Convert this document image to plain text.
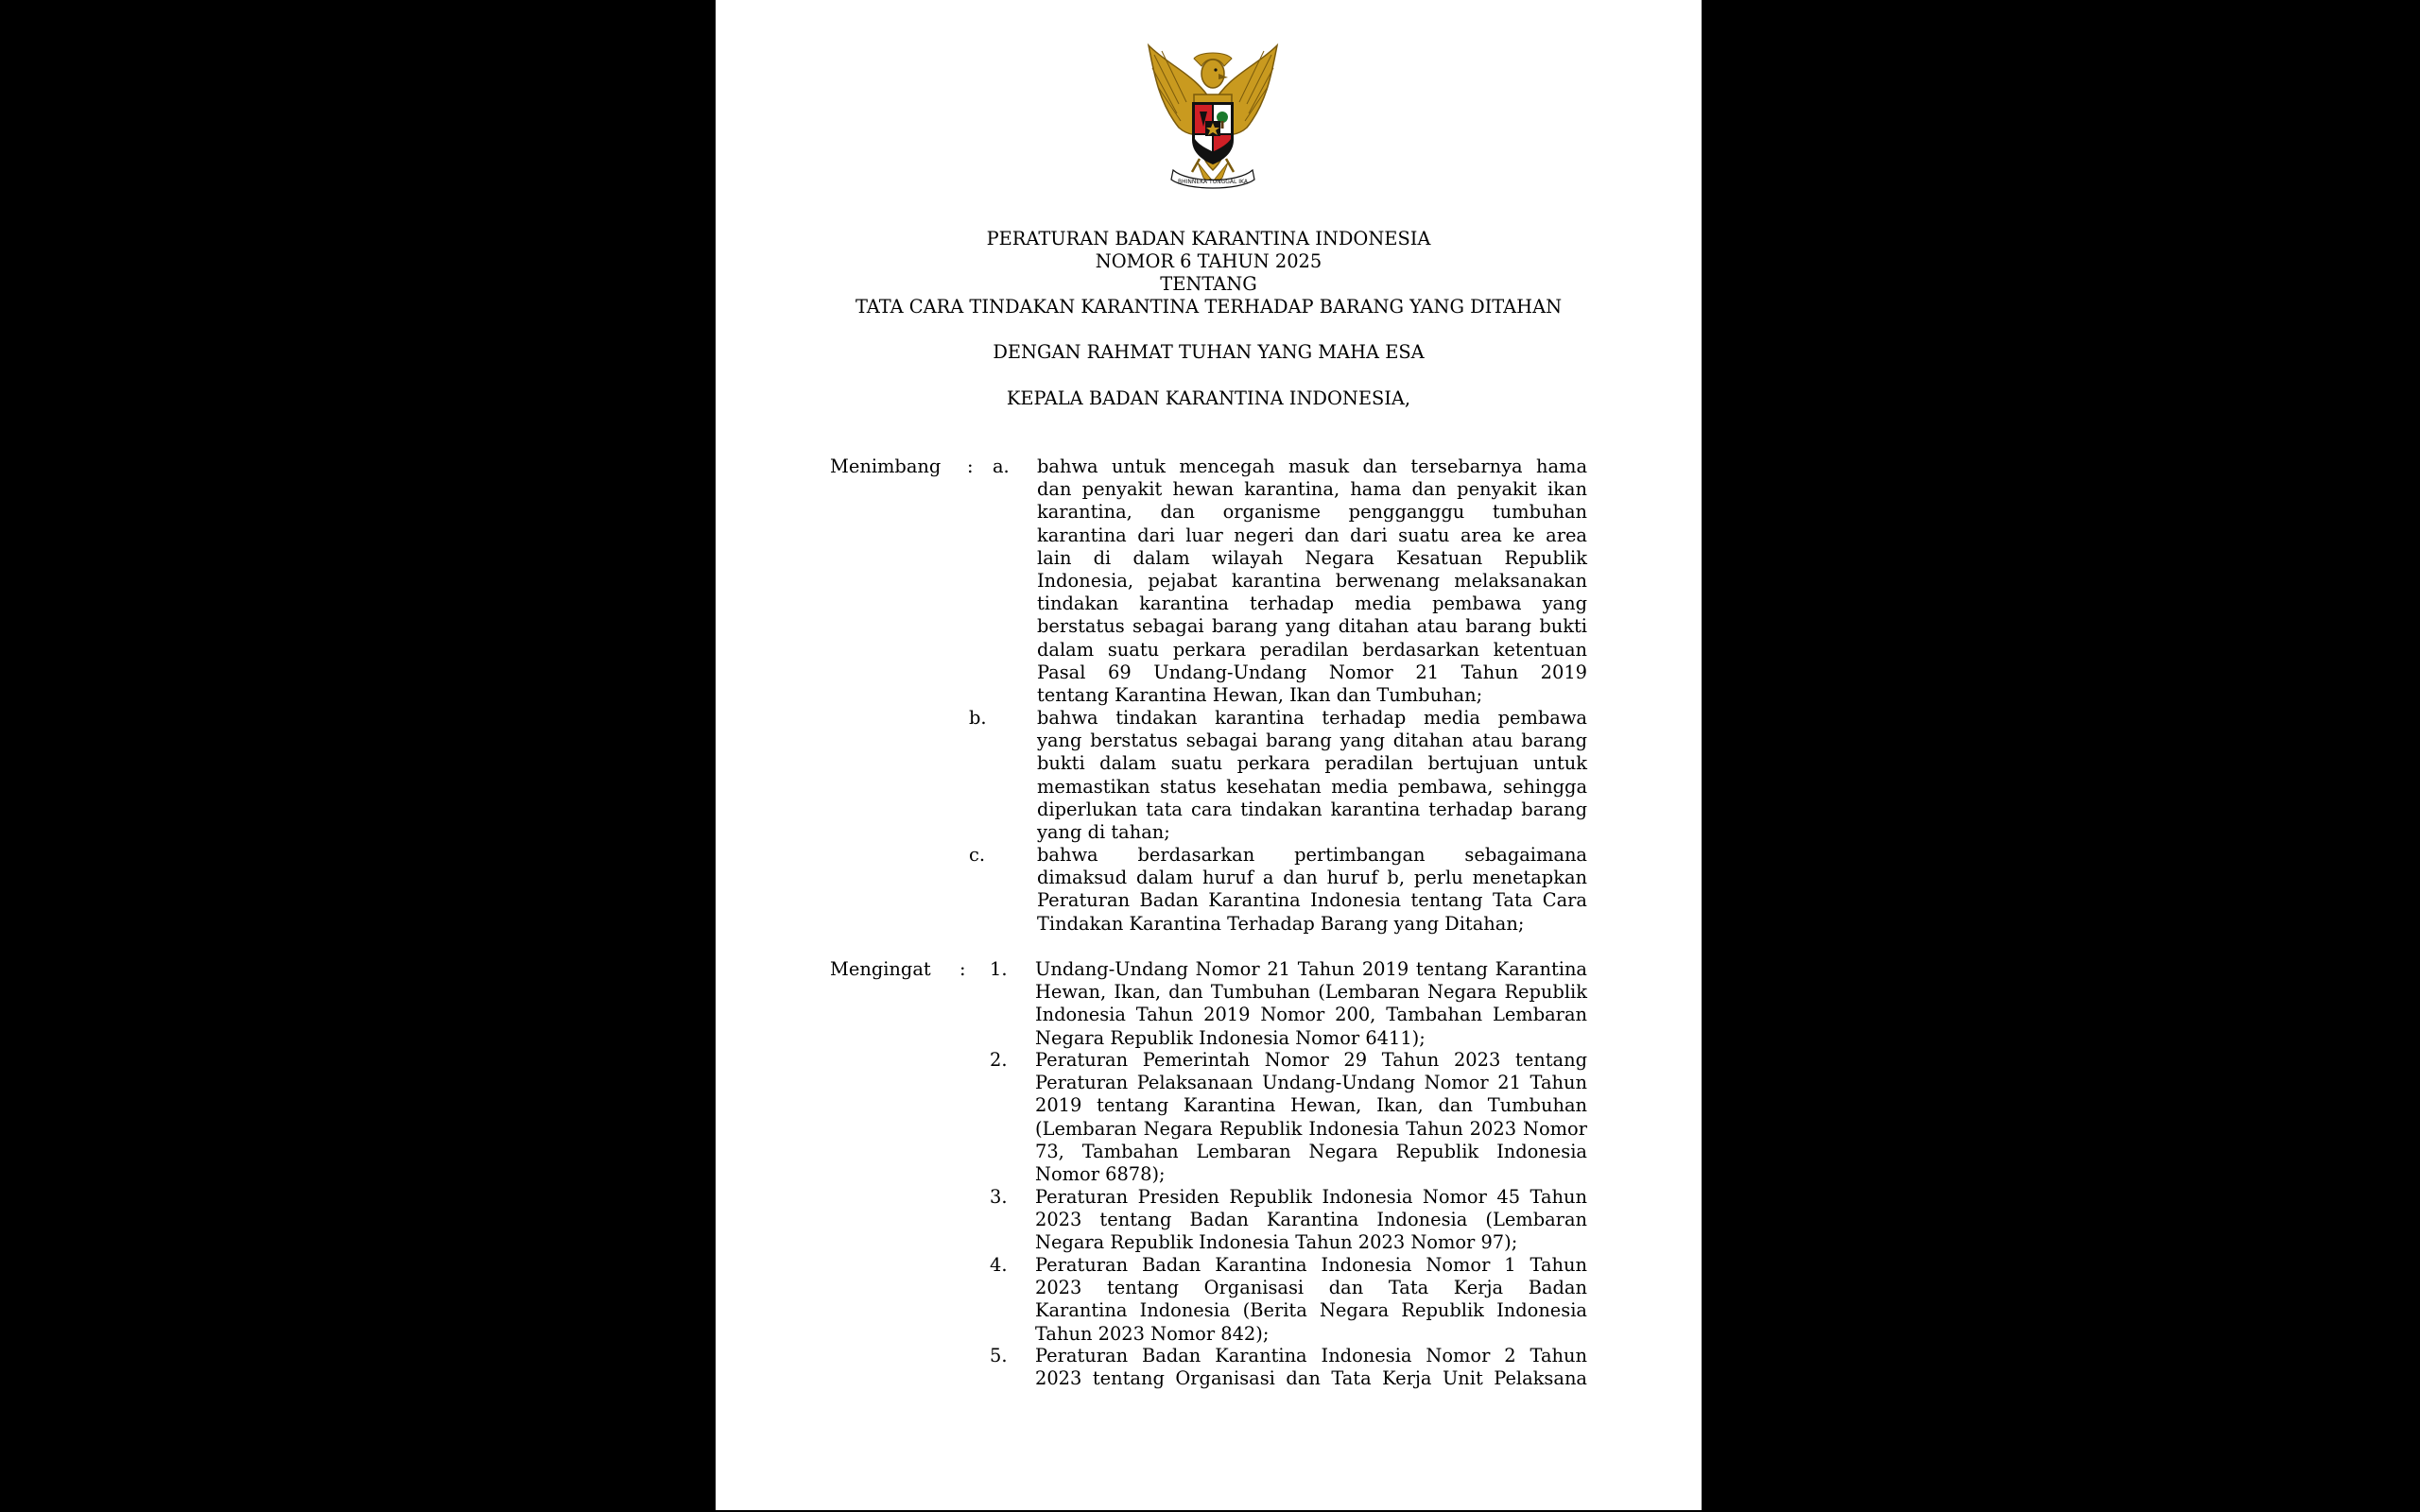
BHINNEKA TUNGGAL IKA
PERATURAN BADAN KARANTINA INDONESIA
NOMOR 6 TAHUN 2025
TENTANG
TATA CARA TINDAKAN KARANTINA TERHADAP BARANG YANG DITAHAN
DENGAN RAHMAT TUHAN YANG MAHA ESA
KEPALA BADAN KARANTINA INDONESIA,
Menimbang : a. bahwa untuk mencegah masuk dan tersebarnya hama
dan penyakit hewan karantina, hama dan penyakit ikan
karantina, dan organisme pengganggu tumbuhan
karantina dari luar negeri dan dari suatu area ke area
lain di dalam wilayah Negara Kesatuan Republik
Indonesia, pejabat karantina berwenang melaksanakan
tindakan karantina terhadap media pembawa yang
berstatus sebagai barang yang ditahan atau barang bukti
dalam suatu perkara peradilan berdasarkan ketentuan
Pasal 69 Undang-Undang Nomor 21 Tahun 2019
tentang Karantina Hewan, Ikan dan Tumbuhan;
b.	bahwa tindakan karantina terhadap media pembawa
yang berstatus sebagai barang yang ditahan atau barang
bukti dalam suatu perkara peradilan bertujuan untuk
memastikan status kesehatan media pembawa, sehingga
diperlukan tata cara tindakan karantina terhadap barang
yang di tahan;
c.	bahwa berdasarkan pertimbangan sebagaimana
dimaksud dalam huruf a dan huruf b, perlu menetapkan
Peraturan Badan Karantina Indonesia tentang Tata Cara
Tindakan Karantina Terhadap Barang yang Ditahan;
Mengingat : 1. Undang-Undang Nomor 21 Tahun 2019 tentang Karantina
Hewan, Ikan, dan Tumbuhan (Lembaran Negara Republik
Indonesia Tahun 2019 Nomor 200, Tambahan Lembaran
Negara Republik Indonesia Nomor 6411);
2. Peraturan Pemerintah Nomor 29 Tahun 2023 tentang
Peraturan Pelaksanaan Undang-Undang Nomor 21 Tahun
2019 tentang Karantina Hewan, Ikan, dan Tumbuhan
(Lembaran Negara Republik Indonesia Tahun 2023 Nomor
73, Tambahan Lembaran Negara Republik Indonesia
Nomor 6878);
3. Peraturan Presiden Republik Indonesia Nomor 45 Tahun
2023 tentang Badan Karantina Indonesia (Lembaran
Negara Republik Indonesia Tahun 2023 Nomor 97);
4. Peraturan Badan Karantina Indonesia Nomor 1 Tahun
2023 tentang Organisasi dan Tata Kerja Badan
Karantina Indonesia (Berita Negara Republik Indonesia
Tahun 2023 Nomor 842);
5. Peraturan Badan Karantina Indonesia Nomor 2 Tahun
2023 tentang Organisasi dan Tata Kerja Unit Pelaksana
